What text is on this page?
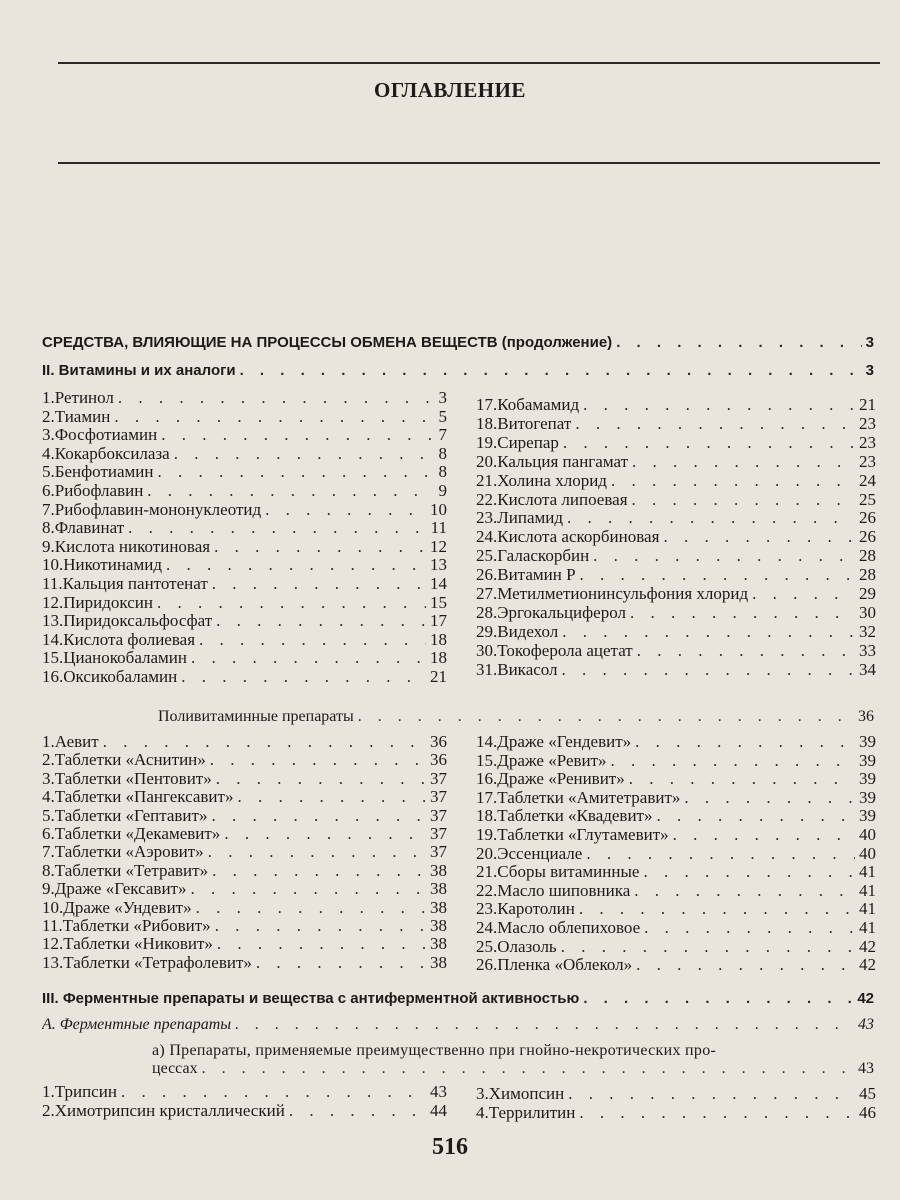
ОГЛАВЛЕНИЕ
СРЕДСТВА, ВЛИЯЮЩИЕ НА ПРОЦЕССЫ ОБМЕНА ВЕЩЕСТВ (продолжение) . . .	3
II. Витамины и их аналоги . . .	3
1. Ретинол . . .	3
2. Тиамин . . .	5
3. Фосфотиамин . . .	7
4. Кокарбоксилаза . . .	8
5. Бенфотиамин . . .	8
6. Рибофлавин . . .	9
7. Рибофлавин-мононуклеотид . . .	10
8. Флавинат . . .	11
9. Кислота никотиновая . . .	12
10. Никотинамид . . .	13
11. Кальция пантотенат . . .	14
12. Пиридоксин . . .	15
13. Пиридоксальфосфат . . .	17
14. Кислота фолиевая . . .	18
15. Цианокобаламин . . .	18
16. Оксикобаламин . . .	21
17. Кобамамид . . .	21
18. Витогепат . . .	23
19. Сирепар . . .	23
20. Кальция пангамат . . .	23
21. Холина хлорид . . .	24
22. Кислота липоевая . . .	25
23. Липамид . . .	26
24. Кислота аскорбиновая . . .	26
25. Галаскорбин . . .	28
26. Витамин P . . .	28
27. Метилметионинсульфония хлорид . . .	29
28. Эргокальциферол . . .	30
29. Видехол . . .	32
30. Токоферола ацетат . . .	33
31. Викасол . . .	34
Поливитаминные препараты . . .	36
1. Аевит . . .	36
2. Таблетки «Аснитин» . . .	36
3. Таблетки «Пентовит» . . .	37
4. Таблетки «Пангексавит» . . .	37
5. Таблетки «Гептавит» . . .	37
6. Таблетки «Декамевит» . . .	37
7. Таблетки «Аэровит» . . .	37
8. Таблетки «Тетравит» . . .	38
9. Драже «Гексавит» . . .	38
10. Драже «Ундевит» . . .	38
11. Таблетки «Рибовит» . . .	38
12. Таблетки «Никовит» . . .	38
13. Таблетки «Тетрафолевит» . . .	38
14. Драже «Гендевит» . . .	39
15. Драже «Ревит» . . .	39
16. Драже «Ренивит» . . .	39
17. Таблетки «Амитетравит» . . .	39
18. Таблетки «Квадевит» . . .	39
19. Таблетки «Глутамевит» . . .	40
20. Эссенциале . . .	40
21. Сборы витаминные . . .	41
22. Масло шиповника . . .	41
23. Каротолин . . .	41
24. Масло облепиховое . . .	41
25. Олазоль . . .	42
26. Пленка «Облекол» . . .	42
III. Ферментные препараты и вещества с антиферментной активностью . . .	42
А. Ферментные препараты . . .	43
а) Препараты, применяемые преимущественно при гнойно-некротических про-
цессах . . .	43
1. Трипсин . . .	43
2. Химотрипсин кристаллический . . .	44
3. Химопсин . . .	45
4. Террилитин . . .	46
516
